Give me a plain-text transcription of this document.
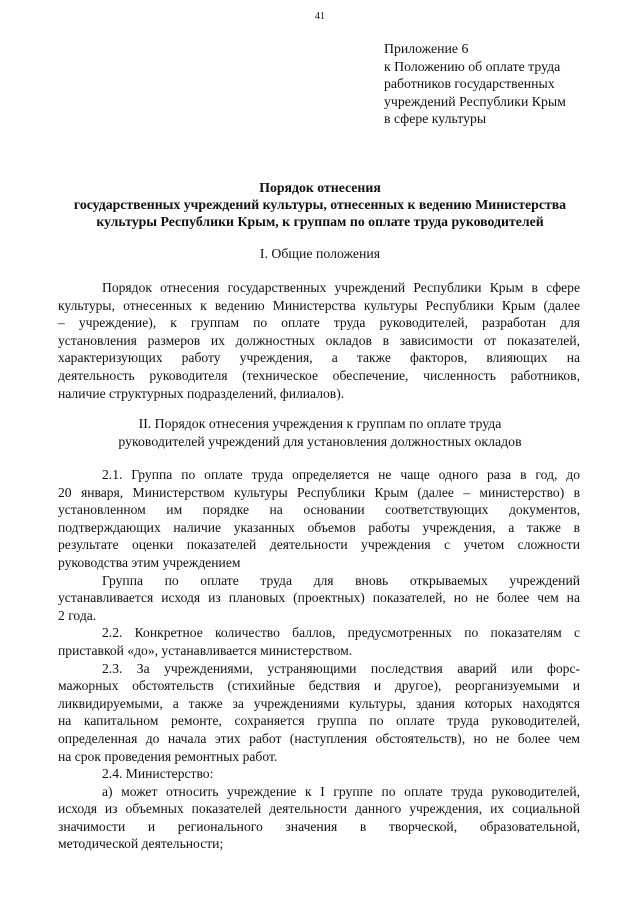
41
Приложение 6
к Положению об оплате труда
работников государственных
учреждений Республики Крым
в сфере культуры
Порядок отнесения
государственных учреждений культуры, отнесенных к ведению Министерства
культуры Республики Крым, к группам по оплате труда руководителей
I. Общие положения
Порядок отнесения государственных учреждений Республики Крым в сфере
культуры, отнесенных к ведению Министерства культуры Республики Крым (далее
– учреждение), к группам по оплате труда руководителей, разработан для
установления размеров их должностных окладов в зависимости от показателей,
характеризующих работу учреждения, а также факторов, влияющих на
деятельность руководителя (техническое обеспечение, численность работников,
наличие структурных подразделений, филиалов).
II. Порядок отнесения учреждения к группам по оплате труда
руководителей учреждений для установления должностных окладов
2.1. Группа по оплате труда определяется не чаще одного раза в год, до
20 января, Министерством культуры Республики Крым (далее – министерство) в
установленном им порядке на основании соответствующих документов,
подтверждающих наличие указанных объемов работы учреждения, а также в
результате оценки показателей деятельности учреждения с учетом сложности
руководства этим учреждением
Группа по оплате труда для вновь открываемых учреждений
устанавливается исходя из плановых (проектных) показателей, но не более чем на
2 года.
2.2. Конкретное количество баллов, предусмотренных по показателям с
приставкой «до», устанавливается министерством.
2.3. За учреждениями, устраняющими последствия аварий или форс-
мажорных обстоятельств (стихийные бедствия и другое), реорганизуемыми и
ликвидируемыми, а также за учреждениями культуры, здания которых находятся
на капитальном ремонте, сохраняется группа по оплате труда руководителей,
определенная до начала этих работ (наступления обстоятельств), но не более чем
на срок проведения ремонтных работ.
2.4. Министерство:
а) может относить учреждение к I группе по оплате труда руководителей,
исходя из объемных показателей деятельности данного учреждения, их социальной
значимости и регионального значения в творческой, образовательной,
методической деятельности;
